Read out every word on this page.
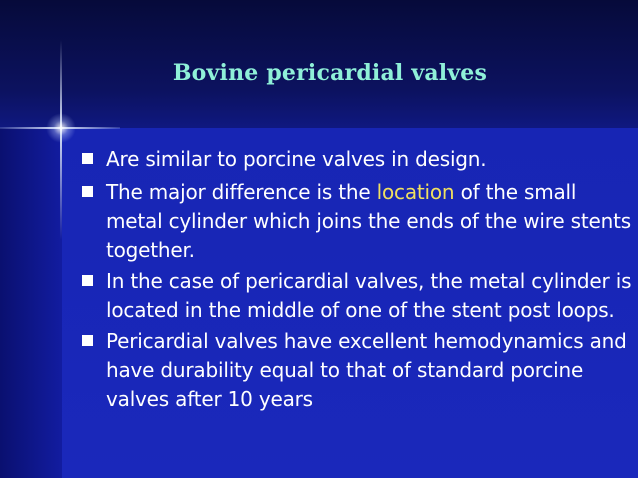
Bovine pericardial valves
Are similar to porcine valves in design.
The major difference is the location of the small metal cylinder which joins the ends of the wire stents together.
In the case of pericardial valves, the metal cylinder is located in the middle of one of the stent post loops.
Pericardial valves have excellent hemodynamics and have durability equal to that of standard porcine valves after 10 years
